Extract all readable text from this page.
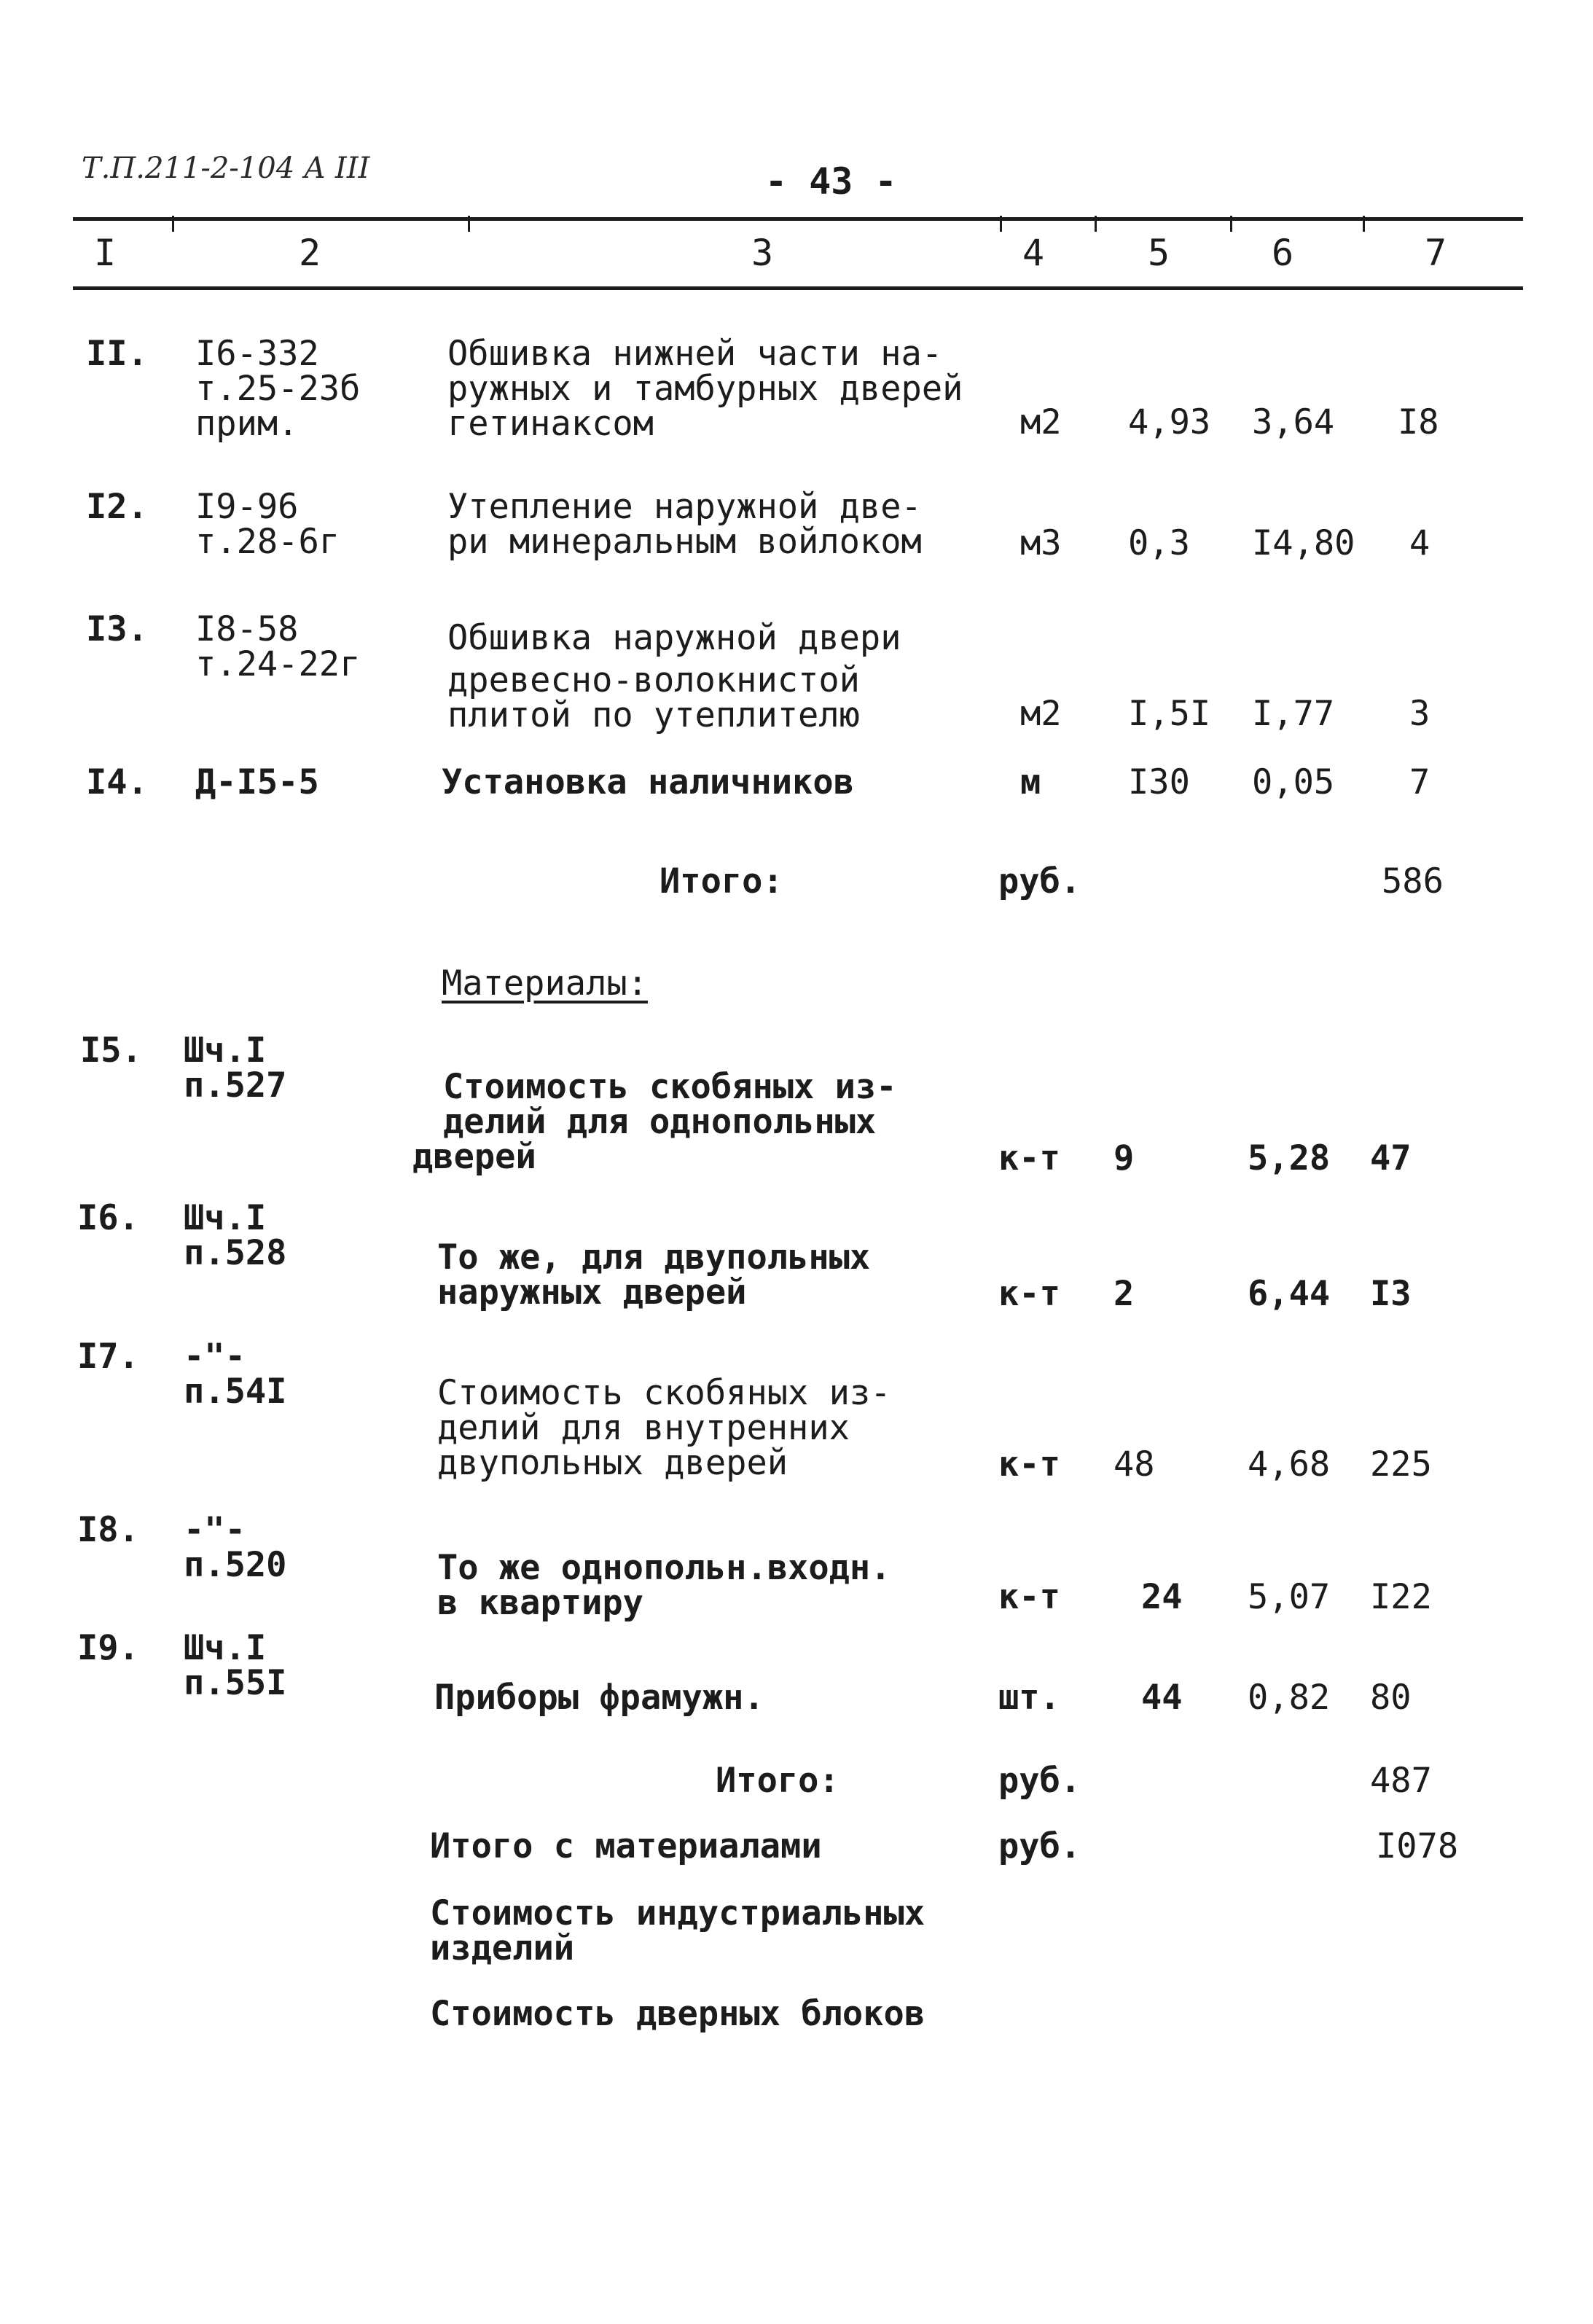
Т.П.211-2-104 А III	- 43 -
I	2	3	4	5	6	7
II. I6-332
т.25-23б
прим.
Обшивка нижней части на-
ружных и тамбурных дверей
гетинаксом	м2 4,93 3,64 I8
I2. I9-96
т.28-6г
Утепление наружной две-
ри минеральным войлоком	м3 0,3 I4,80 4
I3. I8-58
т.24-22г
Обшивка наружной двери
древесно-волокнистой
плитой по утеплителю	м2 I,5I I,77 3
I4. Д-I5-5	Установка наличников	м	I30 0,05 7
Итого:	руб.	586
Материалы:
I5. Шч.I
п.527	Стоимость скобяных из-
делий для однопольных
дверей	к-т 9	5,28 47
I6. Шч.I
п.528	То же, для двупольных
наружных дверей	к-т 2	6,44 I3
I7. -"-
п.54I	Стоимость скобяных из-
делий для внутренних
двупольных дверей	к-т 48	4,68 225
I8. -"-
п.520	То же однопольн.входн.
в квартиру	к-т 24 5,07 I22
I9. Шч.I
п.55I	Приборы фрамужн.	шт. 44 0,82 80
Итого:	руб.	487
Итого с материалами	руб.	I078
Стоимость индустриальных
изделий
Стоимость дверных блоков
